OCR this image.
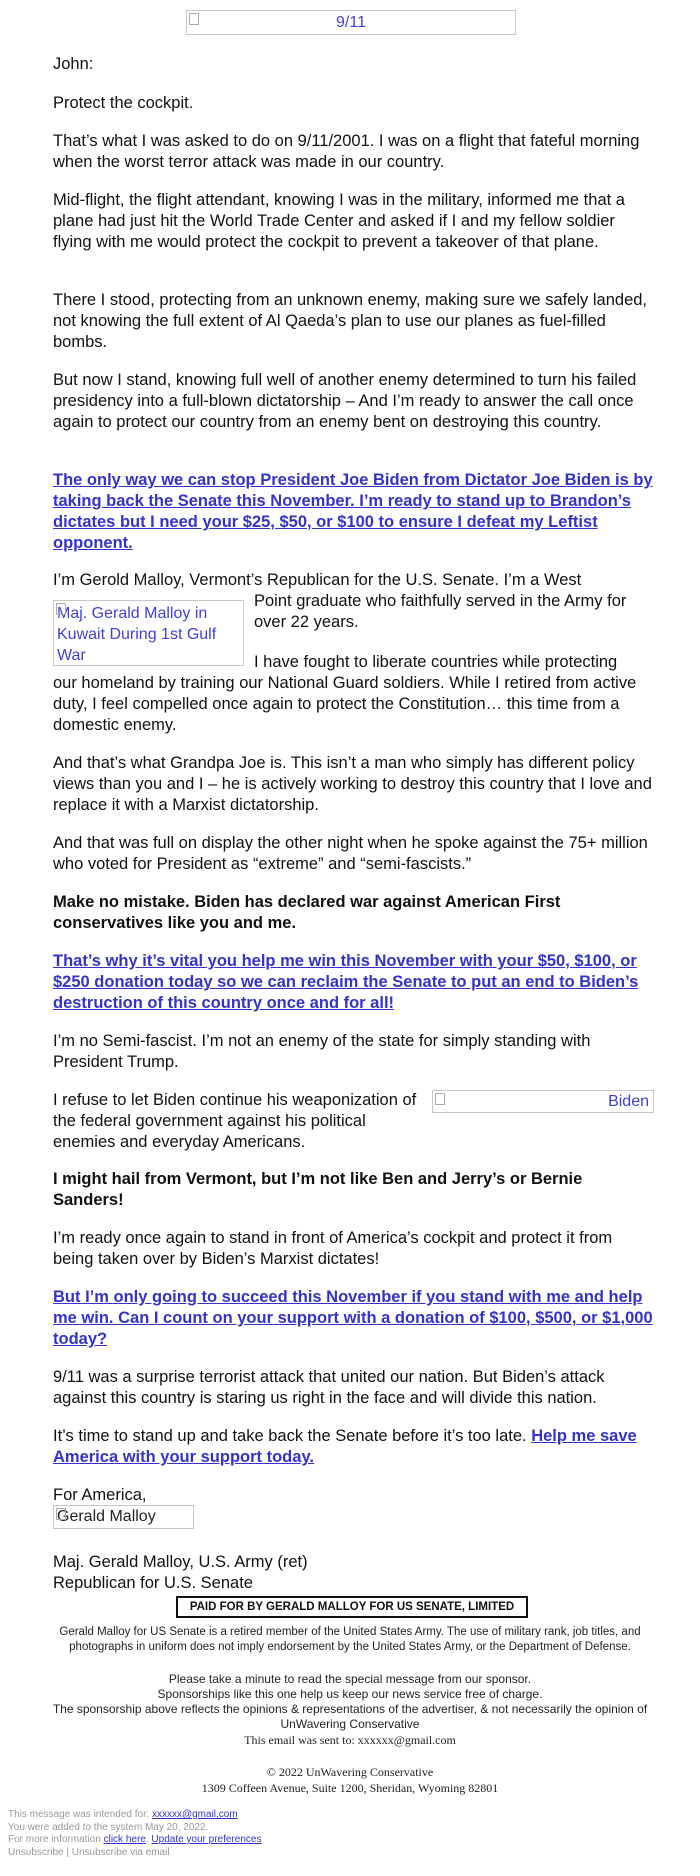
9/11

John:

Protect the cockpit.

That’s what I was asked to do on 9/11/2001. I was on a flight that fateful morning when the worst terror attack was made in our country.

Mid-flight, the flight attendant, knowing I was in the military, informed me that a plane had just hit the World Trade Center and asked if I and my fellow soldier flying with me would protect the cockpit to prevent a takeover of that plane.

There I stood, protecting from an unknown enemy, making sure we safely landed, not knowing the full extent of Al Qaeda’s plan to use our planes as fuel-filled bombs.

But now I stand, knowing full well of another enemy determined to turn his failed presidency into a full-blown dictatorship – And I’m ready to answer the call once again to protect our country from an enemy bent on destroying this country.

The only way we can stop President Joe Biden from Dictator Joe Biden is by taking back the Senate this November. I’m ready to stand up to Brandon’s dictates but I need your $25, $50, or $100 to ensure I defeat my Leftist opponent.

I’m Gerold Malloy, Vermont’s Republican for the U.S. Senate. I’m a West

Maj. Gerald Malloy in Kuwait During 1st Gulf War

Point graduate who faithfully served in the Army for over 22 years.

I have fought to liberate countries while protecting

our homeland by training our National Guard soldiers. While I retired from active duty, I feel compelled once again to protect the Constitution… this time from a domestic enemy.

And that’s what Grandpa Joe is. This isn’t a man who simply has different policy views than you and I – he is actively working to destroy this country that I love and replace it with a Marxist dictatorship.

And that was full on display the other night when he spoke against the 75+ million who voted for President as “extreme” and “semi-fascists.”

Make no mistake. Biden has declared war against American First conservatives like you and me.

That’s why it’s vital you help me win this November with your $50, $100, or $250 donation today so we can reclaim the Senate to put an end to Biden’s destruction of this country once and for all!

I’m no Semi-fascist. I’m not an enemy of the state for simply standing with President Trump.

I refuse to let Biden continue his weaponization of the federal government against his political enemies and everyday Americans.

Biden

I might hail from Vermont, but I’m not like Ben and Jerry’s or Bernie Sanders!

I’m ready once again to stand in front of America’s cockpit and protect it from being taken over by Biden’s Marxist dictates!

But I’m only going to succeed this November if you stand with me and help me win. Can I count on your support with a donation of $100, $500, or $1,000 today?

9/11 was a surprise terrorist attack that united our nation. But Biden’s attack against this country is staring us right in the face and will divide this nation.

It’s time to stand up and take back the Senate before it’s too late. Help me save America with your support today.

For America,

Gerald Malloy

Maj. Gerald Malloy, U.S. Army (ret)

Republican for U.S. Senate

PAID FOR BY GERALD MALLOY FOR US SENATE, LIMITED
Gerald Malloy for US Senate is a retired member of the United States Army. The use of military rank, job titles, and photographs in uniform does not imply endorsement by the United States Army, or the Department of Defense.
Please take a minute to read the special message from our sponsor.
Sponsorships like this one help us keep our news service free of charge.
The sponsorship above reflects the opinions & representations of the advertiser, & not necessarily the opinion of UnWavering Conservative
This email was sent to: xxxxxx@gmail.com
© 2022 UnWavering Conservative
1309 Coffeen Avenue, Suite 1200, Sheridan, Wyoming 82801
This message was intended for: xxxxxx@gmail.com
You were added to the system May 20, 2022.
For more information click here. Update your preferences
Unsubscribe | Unsubscribe via email
